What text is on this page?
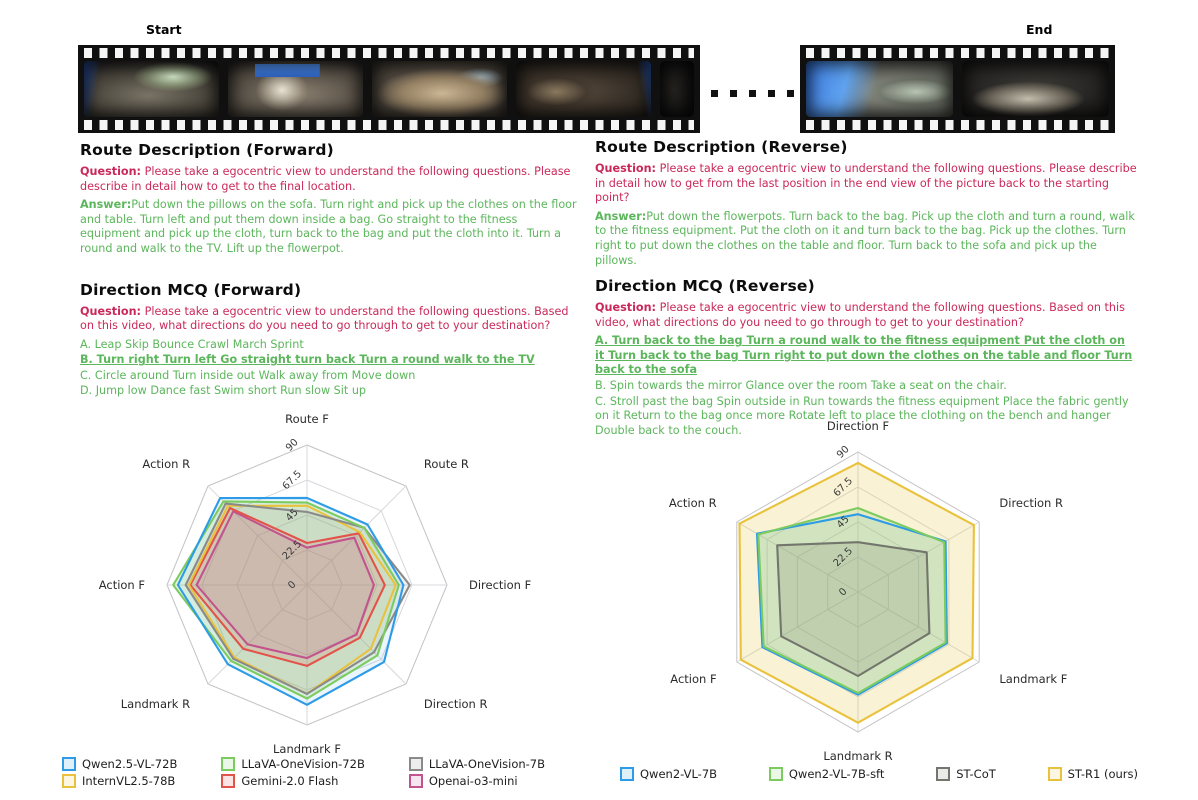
Start	End
Route Description (Forward)

Question: Please take a egocentric view to understand the following questions. Please describe in detail how to get to the final location.

Answer:Put down the pillows on the sofa. Turn right and pick up the clothes on the floor and table. Turn left and put them down inside a bag. Go straight to the fitness equipment and pick up the cloth, turn back to the bag and put the cloth into it. Turn a round and walk to the TV. Lift up the flowerpot.

Direction MCQ (Forward)

Question: Please take a egocentric view to understand the following questions. Based on this video, what directions do you need to go through to get to your destination?

A. Leap Skip Bounce Crawl March Sprint
B. Turn right Turn left Go straight turn back Turn a round walk to the TV
C. Circle around Turn inside out Walk away from Move down
D. Jump low Dance fast Swim short Run slow Sit up
Route Description (Reverse)

Question: Please take a egocentric view to understand the following questions. Please describe in detail how to get from the last position in the end view of the picture back to the starting point?

Answer:Put down the flowerpots. Turn back to the bag. Pick up the cloth and turn a round, walk to the fitness equipment. Put the cloth on it and turn back to the bag. Pick up the clothes. Turn right to put down the clothes on the table and floor. Turn back to the sofa and pick up the pillows.

Direction MCQ (Reverse)

Question: Please take a egocentric view to understand the following questions. Based on this video, what directions do you need to go through to get to your destination?

A. Turn back to the bag Turn a round walk to the fitness equipment Put the cloth on it Turn back to the bag Turn right to put down the clothes on the table and floor Turn back to the sofa
B. Spin towards the mirror Glance over the room Take a seat on the chair.
C. Stroll past the bag Spin outside in Run towards the fitness equipment Place the fabric gently on it Return to the bag once more Rotate left to place the clothing on the bench and hanger Double back to the couch.
0
22.5
45
67.5
90
Route F
Route R
Direction F
Direction R
Landmark F
Landmark R
Action F
Action R
0
22.5
45
67.5
90
Direction F
Direction R
Landmark F
Landmark R
Action F
Action R
Qwen2.5-VL-72B
InternVL2.5-78B
LLaVA-OneVision-72B
Gemini-2.0 Flash
LLaVA-OneVision-7B
Openai-o3-mini	Qwen2-VL-7B	Qwen2-VL-7B-sft	ST-CoT	ST-R1 (ours)
